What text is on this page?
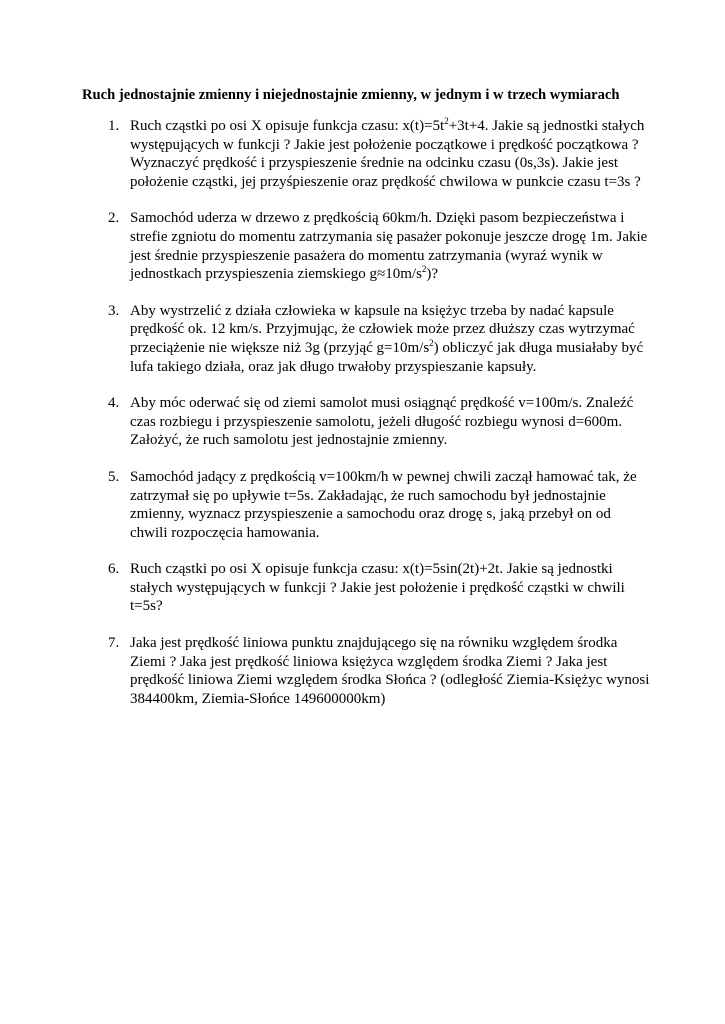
Ruch jednostajnie zmienny i niejednostajnie zmienny, w jednym i w trzech wymiarach
1. Ruch cząstki po osi X opisuje funkcja czasu: $x(t)=5t^2+3t+4$. Jakie są jednostki stałych występujących w funkcji ? Jakie jest położenie początkowe i prędkość początkowa ? Wyznaczyć prędkość i przyspieszenie średnie na odcinku czasu (0s,3s). Jakie jest położenie cząstki, jej przyśpieszenie oraz prędkość chwilowa w punkcie czasu t=3s ?
2. Samochód uderza w drzewo z prędkością 60km/h. Dzięki pasom bezpieczeństwa i strefie zgniotu do momentu zatrzymania się pasażer pokonuje jeszcze drogę 1m. Jakie jest średnie przyspieszenie pasażera do momentu zatrzymania (wyraź wynik w jednostkach przyspieszenia ziemskiego $g\approx 10m/s^2$)?
3. Aby wystrzelić z działa człowieka w kapsule na księżyc trzeba by nadać kapsule prędkość ok. 12 km/s. Przyjmując, że człowiek może przez dłuższy czas wytrzymać przeciążenie nie większe niż 3g (przyjąć $g=10m/s^2$) obliczyć jak długa musiałaby być lufa takiego działa, oraz jak długo trwałoby przyspieszanie kapsuły.
4. Aby móc oderwać się od ziemi samolot musi osiągnąć prędkość v=100m/s. Znaleźć czas rozbiegu i przyspieszenie samolotu, jeżeli długość rozbiegu wynosi d=600m. Założyć, że ruch samolotu jest jednostajnie zmienny.
5. Samochód jadący z prędkością v=100km/h w pewnej chwili zaczął hamować tak, że zatrzymał się po upływie t=5s. Zakładając, że ruch samochodu był jednostajnie zmienny, wyznacz przyspieszenie a samochodu oraz drogę s, jaką przebył on od chwili rozpoczęcia hamowania.
6. Ruch cząstki po osi X opisuje funkcja czasu: x(t)=5sin(2t)+2t. Jakie są jednostki stałych występujących w funkcji ? Jakie jest położenie i prędkość cząstki w chwili t=5s?
7. Jaka jest prędkość liniowa punktu znajdującego się na równiku względem środka Ziemi ? Jaka jest prędkość liniowa księżyca względem środka Ziemi ? Jaka jest prędkość liniowa Ziemi względem środka Słońca ? (odległość Ziemia-Księżyc wynosi 384400km, Ziemia-Słońce 149600000km)
